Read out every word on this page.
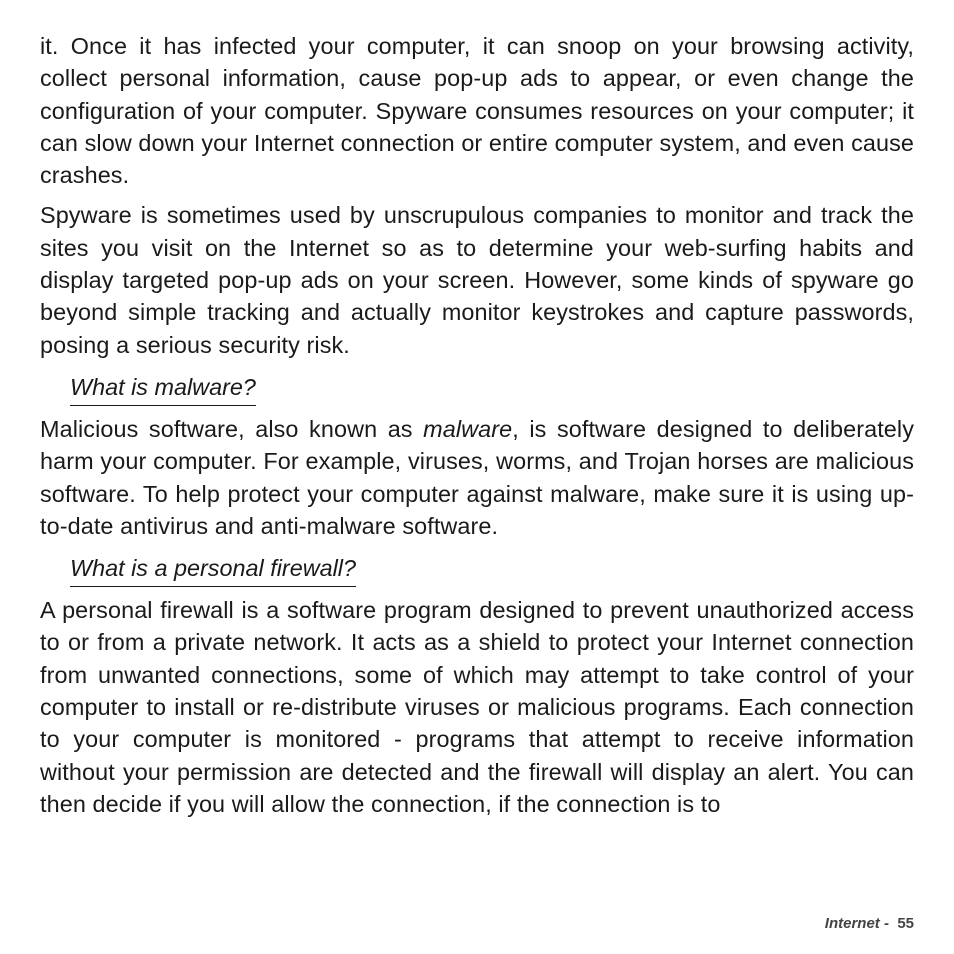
it. Once it has infected your computer, it can snoop on your browsing activity, collect personal information, cause pop-up ads to appear, or even change the configuration of your computer. Spyware consumes resources on your computer; it can slow down your Internet connection or entire computer system, and even cause crashes.

Spyware is sometimes used by unscrupulous companies to monitor and track the sites you visit on the Internet so as to determine your web-surfing habits and display targeted pop-up ads on your screen. However, some kinds of spyware go beyond simple tracking and actually monitor keystrokes and capture passwords, posing a serious security risk.

What is malware?

Malicious software, also known as malware, is software designed to deliberately harm your computer. For example, viruses, worms, and Trojan horses are malicious software. To help protect your computer against malware, make sure it is using up-to-date antivirus and anti-malware software.

What is a personal firewall?

A personal firewall is a software program designed to prevent unauthorized access to or from a private network. It acts as a shield to protect your Internet connection from unwanted connections, some of which may attempt to take control of your computer to install or re-distribute viruses or malicious programs. Each connection to your computer is monitored - programs that attempt to receive information without your permission are detected and the firewall will display an alert. You can then decide if you will allow the connection, if the connection is to

Internet -  55
